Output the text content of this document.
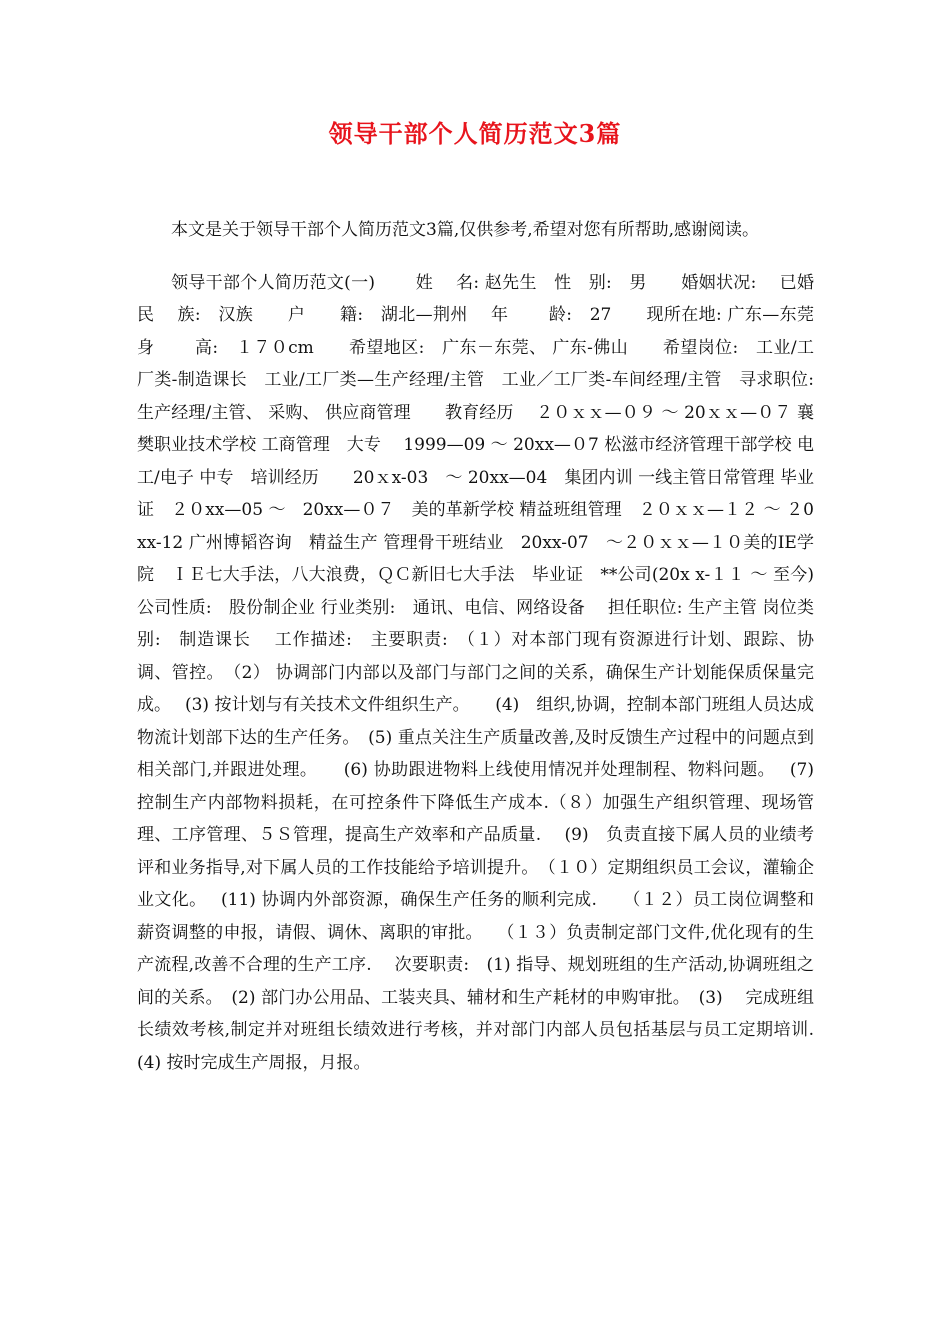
领导干部个人简历范文3篇

本文是关于领导干部个人简历范文3篇,仅供参考,希望对您有所帮助,感谢阅读。

领导干部个人简历范文(一)　　 姓　 名: 赵先生　性　别:　男　　婚姻状况:　 已婚　民　 族:　汉族　　户　　籍:　湖北—荆州　 年　　 龄:　27　　现所在地: 广东—东莞　身　　 高:　１７０cm　　希望地区:　广东－东莞、 广东-佛山　　希望岗位:　工业/工厂类-制造课长　工业/工厂类—生产经理/主管　工业／工厂类-车间经理/主管　寻求职位: 生产经理/主管、 采购、 供应商管理　　教育经历　 ２０ｘｘ—０９ ～ 20ｘｘ—０７ 襄樊职业技术学校 工商管理　大专　 1999—09 ～ 20xx—０7 松滋市经济管理干部学校 电工/电子 中专　培训经历　　20ｘx-03　～ 20xx—04　集团内训 一线主管日常管理 毕业证　２０xx—05 ～　20xx—０７　美的革新学校 精益班组管理　２０ｘｘ—１２ ～ ２0xx-12 广州博韬咨询　精益生产 管理骨干班结业　20xx-07　～２０ｘｘ—１０美的IE学院　ＩＥ七大手法，八大浪费，ＱＣ新旧七大手法　毕业证　**公司(20x x-１１ ～ 至今)　　公司性质:　股份制企业 行业类别:　通讯、电信、网络设备　 担任职位: 生产主管 岗位类别:　制造课长　 工作描述:　主要职责:　（１）对本部门现有资源进行计划、跟踪、协调、管控。　（2） 协调部门内部以及部门与部门之间的关系，确保生产计划能保质保量完成。　 (3) 按计划与有关技术文件组织生产。　　(4)　组织,协调，控制本部门班组人员达成物流计划部下达的生产任务。　(5) 重点关注生产质量改善,及时反馈生产过程中的问题点到相关部门,并跟进处理。　　(6) 协助跟进物料上线使用情况并处理制程、物料问题。　 (7)　 控制生产内部物料损耗，在可控条件下降低生产成本.（８）加强生产组织管理、现场管理、工序管理、５Ｓ管理，提高生产效率和产品质量.　 (9)　负责直接下属人员的业绩考评和业务指导,对下属人员的工作技能给予培训提升。　（１０）定期组织员工会议，灌输企业文化。　 (11) 协调内外部资源，确保生产任务的顺利完成.　　（１２）员工岗位调整和薪资调整的申报，请假、调休、离职的审批。　 （１３）负责制定部门文件,优化现有的生产流程,改善不合理的生产工序.　 次要职责:　(1) 指导、规划班组的生产活动,协调班组之间的关系。　(2) 部门办公用品、工装夹具、辅材和生产耗材的申购审批。　(3)　 完成班组长绩效考核,制定并对班组长绩效进行考核，并对部门内部人员包括基层与员工定期培训.　 (4) 按时完成生产周报，月报。
